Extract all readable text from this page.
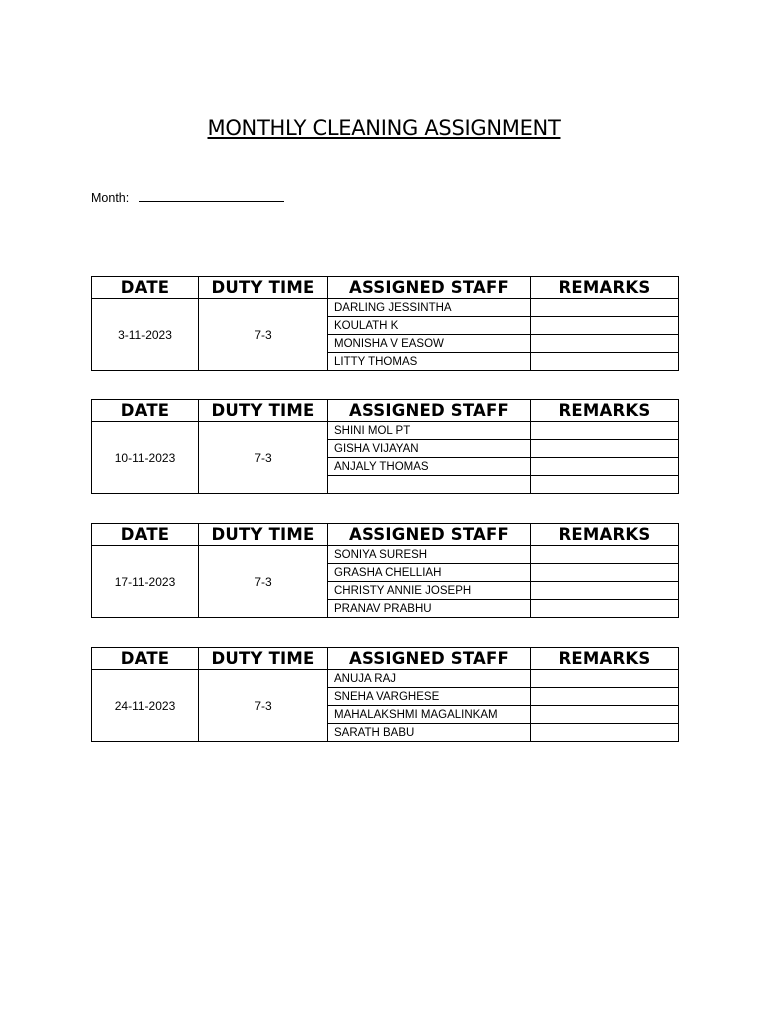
MONTHLY CLEANING ASSIGNMENT
Month:
DATE	DUTY TIME	ASSIGNED STAFF	REMARKS
3-11-2023	7-3	DARLING JESSINTHA	
		KOULATH K	
		MONISHA V EASOW	
		LITTY THOMAS	
DATE	DUTY TIME	ASSIGNED STAFF	REMARKS
10-11-2023	7-3	SHINI MOL PT	
		GISHA VIJAYAN	
		ANJALY THOMAS	

DATE	DUTY TIME	ASSIGNED STAFF	REMARKS
17-11-2023	7-3	SONIYA SURESH	
		GRASHA CHELLIAH	
		CHRISTY ANNIE JOSEPH	
		PRANAV PRABHU	
DATE	DUTY TIME	ASSIGNED STAFF	REMARKS
24-11-2023	7-3	ANUJA RAJ	
		SNEHA VARGHESE	
		MAHALAKSHMI MAGALINKAM	
		SARATH BABU	
